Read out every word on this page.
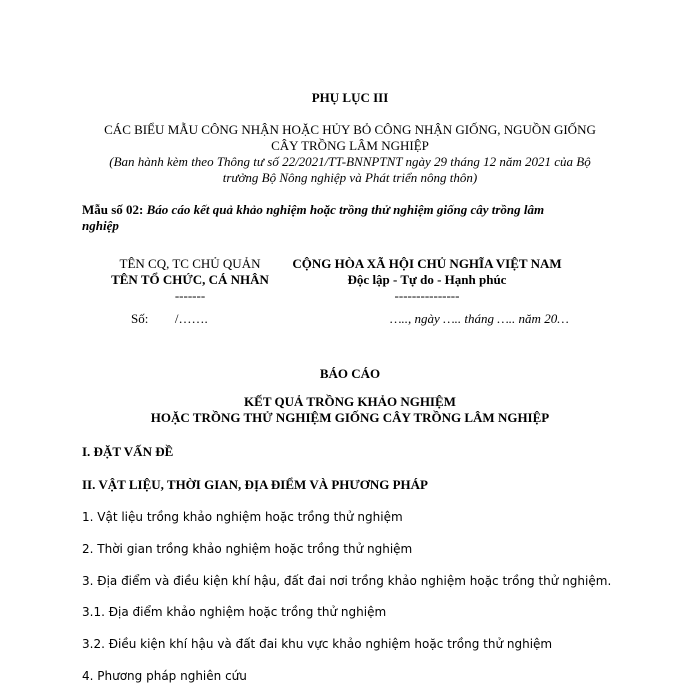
PHỤ LỤC III
CÁC BIỂU MẪU CÔNG NHẬN HOẶC HỦY BỎ CÔNG NHẬN GIỐNG, NGUỒN GIỐNG
CÂY TRỒNG LÂM NGHIỆP
(Ban hành kèm theo Thông tư số 22/2021/TT-BNNPTNT ngày 29 tháng 12 năm 2021 của Bộ
trưởng Bộ Nông nghiệp và Phát triển nông thôn)
Mẫu số 02: Báo cáo kết quả khảo nghiệm hoặc trồng thử nghiệm giống cây trồng lâm
nghiệp
TÊN CQ, TC CHỦ QUẢN
TÊN TỔ CHỨC, CÁ NHÂN
-------
Số: /…….
CỘNG HÒA XÃ HỘI CHỦ NGHĨA VIỆT NAM
Độc lập - Tự do - Hạnh phúc
---------------
….., ngày ….. tháng ….. năm 20…
BÁO CÁO
KẾT QUẢ TRỒNG KHẢO NGHIỆM
HOẶC TRỒNG THỬ NGHIỆM GIỐNG CÂY TRỒNG LÂM NGHIỆP
I. ĐẶT VẤN ĐỀ
II. VẬT LIỆU, THỜI GIAN, ĐỊA ĐIỂM VÀ PHƯƠNG PHÁP
1. Vật liệu trồng khảo nghiệm hoặc trồng thử nghiệm
2. Thời gian trồng khảo nghiệm hoặc trồng thử nghiệm
3. Địa điểm và điều kiện khí hậu, đất đai nơi trồng khảo nghiệm hoặc trồng thử nghiệm.
3.1. Địa điểm khảo nghiệm hoặc trồng thử nghiệm
3.2. Điều kiện khí hậu và đất đai khu vực khảo nghiệm hoặc trồng thử nghiệm
4. Phương pháp nghiên cứu
